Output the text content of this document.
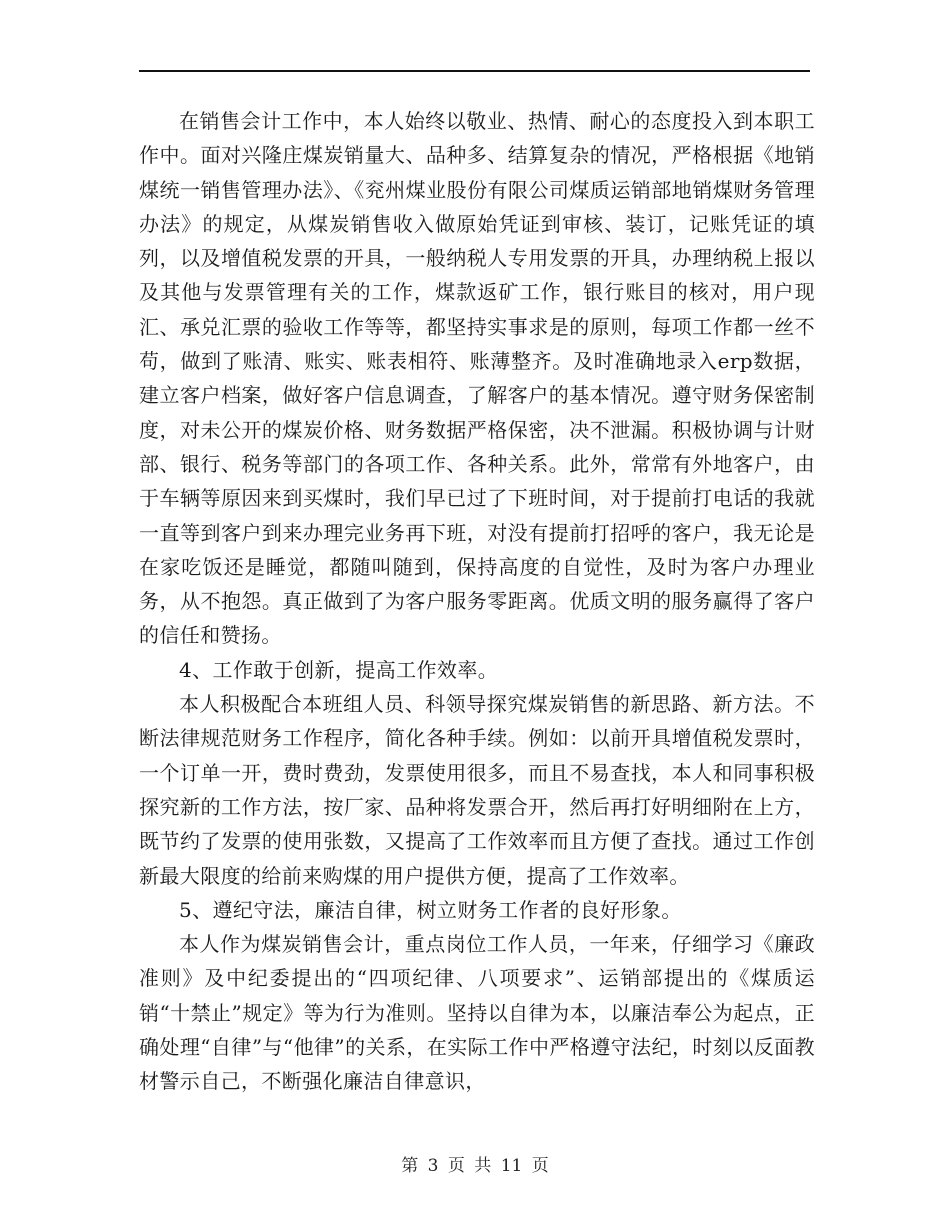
在销售会计工作中，本人始终以敬业、热情、耐心的态度投入到本职工作中。面对兴隆庄煤炭销量大、品种多、结算复杂的情况，严格根据《地销煤统一销售管理办法》、《兖州煤业股份有限公司煤质运销部地销煤财务管理办法》的规定，从煤炭销售收入做原始凭证到审核、装订，记账凭证的填列，以及增值税发票的开具，一般纳税人专用发票的开具，办理纳税上报以及其他与发票管理有关的工作，煤款返矿工作，银行账目的核对，用户现汇、承兑汇票的验收工作等等，都坚持实事求是的原则，每项工作都一丝不苟，做到了账清、账实、账表相符、账薄整齐。及时准确地录入erp数据，建立客户档案，做好客户信息调查，了解客户的基本情况。遵守财务保密制度，对未公开的煤炭价格、财务数据严格保密，决不泄漏。积极协调与计财部、银行、税务等部门的各项工作、各种关系。此外，常常有外地客户，由于车辆等原因来到买煤时，我们早已过了下班时间，对于提前打电话的我就一直等到客户到来办理完业务再下班，对没有提前打招呼的客户，我无论是在家吃饭还是睡觉，都随叫随到，保持高度的自觉性，及时为客户办理业务，从不抱怨。真正做到了为客户服务零距离。优质文明的服务赢得了客户的信任和赞扬。

4、工作敢于创新，提高工作效率。

本人积极配合本班组人员、科领导探究煤炭销售的新思路、新方法。不断法律规范财务工作程序，简化各种手续。例如：以前开具增值税发票时，一个订单一开，费时费劲，发票使用很多，而且不易查找，本人和同事积极探究新的工作方法，按厂家、品种将发票合开，然后再打好明细附在上方，既节约了发票的使用张数，又提高了工作效率而且方便了查找。通过工作创新最大限度的给前来购煤的用户提供方便，提高了工作效率。

5、遵纪守法，廉洁自律，树立财务工作者的良好形象。

本人作为煤炭销售会计，重点岗位工作人员，一年来，仔细学习《廉政准则》及中纪委提出的“四项纪律、八项要求”、运销部提出的《煤质运销“十禁止”规定》等为行为准则。坚持以自律为本，以廉洁奉公为起点，正确处理“自律”与“他律”的关系，在实际工作中严格遵守法纪，时刻以反面教材警示自己，不断强化廉洁自律意识，

第 3 页 共 11 页
